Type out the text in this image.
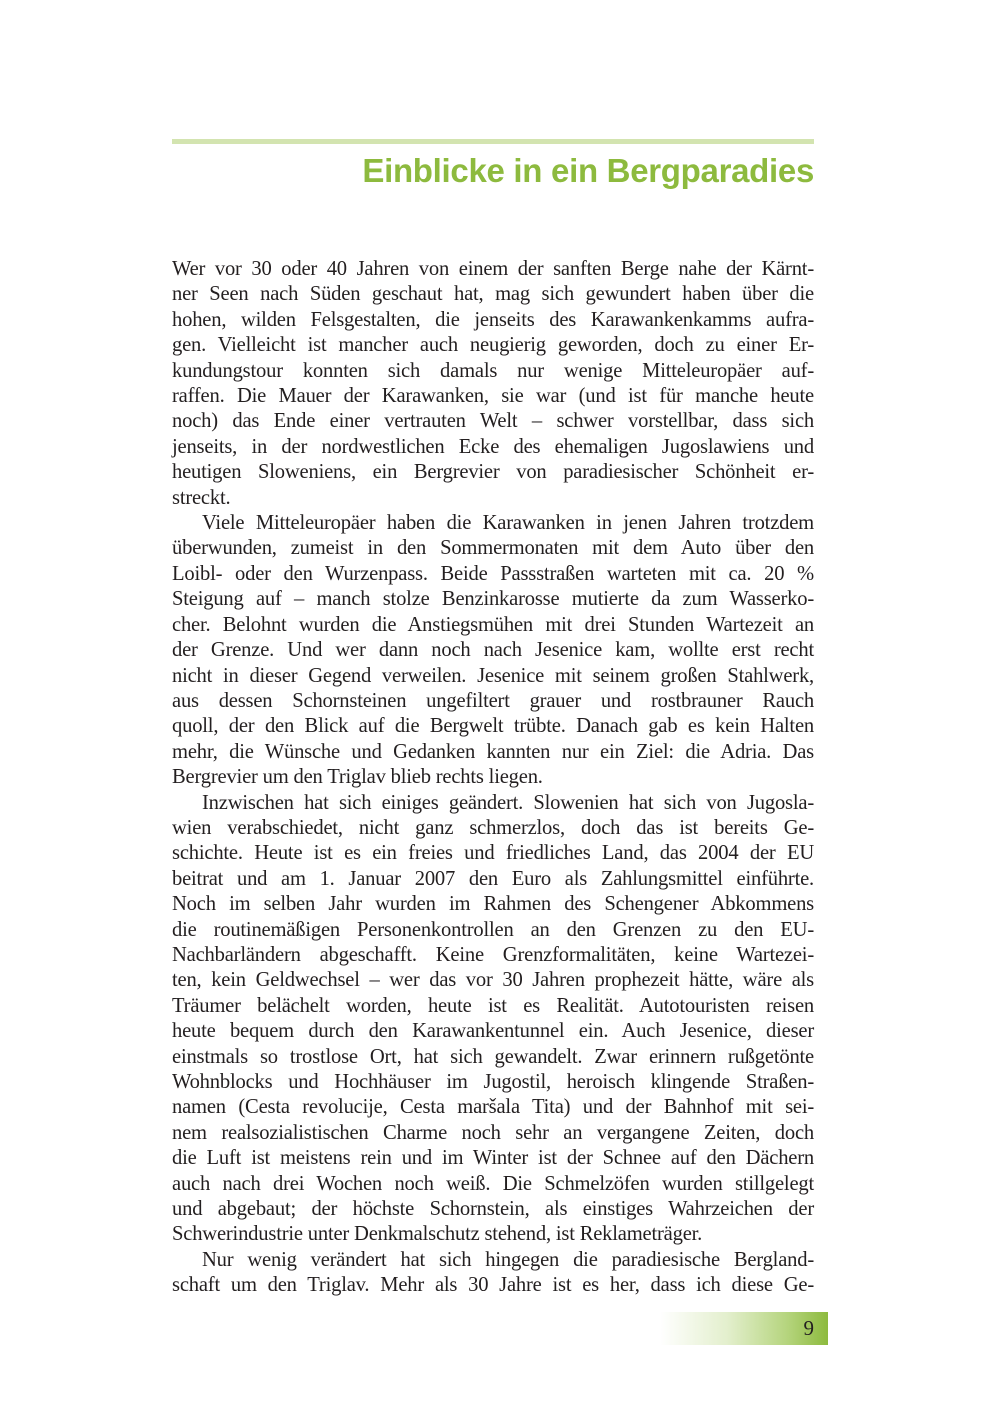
Einblicke in ein Bergparadies

Wer vor 30 oder 40 Jahren von einem der sanften Berge nahe der Kärnt-
ner Seen nach Süden geschaut hat, mag sich gewundert haben über die
hohen, wilden Felsgestalten, die jenseits des Karawankenkamms aufra-
gen. Vielleicht ist mancher auch neugierig geworden, doch zu einer Er-
kundungstour konnten sich damals nur wenige Mitteleuropäer auf-
raffen. Die Mauer der Karawanken, sie war (und ist für manche heute
noch) das Ende einer vertrauten Welt – schwer vorstellbar, dass sich
jenseits, in der nordwestlichen Ecke des ehemaligen Jugoslawiens und
heutigen Sloweniens, ein Bergrevier von paradiesischer Schönheit er-
streckt.

Viele Mitteleuropäer haben die Karawanken in jenen Jahren trotzdem
überwunden, zumeist in den Sommermonaten mit dem Auto über den
Loibl- oder den Wurzenpass. Beide Passstraßen warteten mit ca. 20 %
Steigung auf – manch stolze Benzinkarosse mutierte da zum Wasserko-
cher. Belohnt wurden die Anstiegsmühen mit drei Stunden Wartezeit an
der Grenze. Und wer dann noch nach Jesenice kam, wollte erst recht
nicht in dieser Gegend verweilen. Jesenice mit seinem großen Stahlwerk,
aus dessen Schornsteinen ungefiltert grauer und rostbrauner Rauch
quoll, der den Blick auf die Bergwelt trübte. Danach gab es kein Halten
mehr, die Wünsche und Gedanken kannten nur ein Ziel: die Adria. Das
Bergrevier um den Triglav blieb rechts liegen.

Inzwischen hat sich einiges geändert. Slowenien hat sich von Jugosla-
wien verabschiedet, nicht ganz schmerzlos, doch das ist bereits Ge-
schichte. Heute ist es ein freies und friedliches Land, das 2004 der EU
beitrat und am 1. Januar 2007 den Euro als Zahlungsmittel einführte.
Noch im selben Jahr wurden im Rahmen des Schengener Abkommens
die routinemäßigen Personenkontrollen an den Grenzen zu den EU-
Nachbarländern abgeschafft. Keine Grenzformalitäten, keine Wartezei-
ten, kein Geldwechsel – wer das vor 30 Jahren prophezeit hätte, wäre als
Träumer belächelt worden, heute ist es Realität. Autotouristen reisen
heute bequem durch den Karawankentunnel ein. Auch Jesenice, dieser
einstmals so trostlose Ort, hat sich gewandelt. Zwar erinnern rußgetönte
Wohnblocks und Hochhäuser im Jugostil, heroisch klingende Straßen-
namen (Cesta revolucije, Cesta maršala Tita) und der Bahnhof mit sei-
nem realsozialistischen Charme noch sehr an vergangene Zeiten, doch
die Luft ist meistens rein und im Winter ist der Schnee auf den Dächern
auch nach drei Wochen noch weiß. Die Schmelzöfen wurden stillgelegt
und abgebaut; der höchste Schornstein, als einstiges Wahrzeichen der
Schwerindustrie unter Denkmalschutz stehend, ist Reklameträger.

Nur wenig verändert hat sich hingegen die paradiesische Bergland-
schaft um den Triglav. Mehr als 30 Jahre ist es her, dass ich diese Ge-

9
